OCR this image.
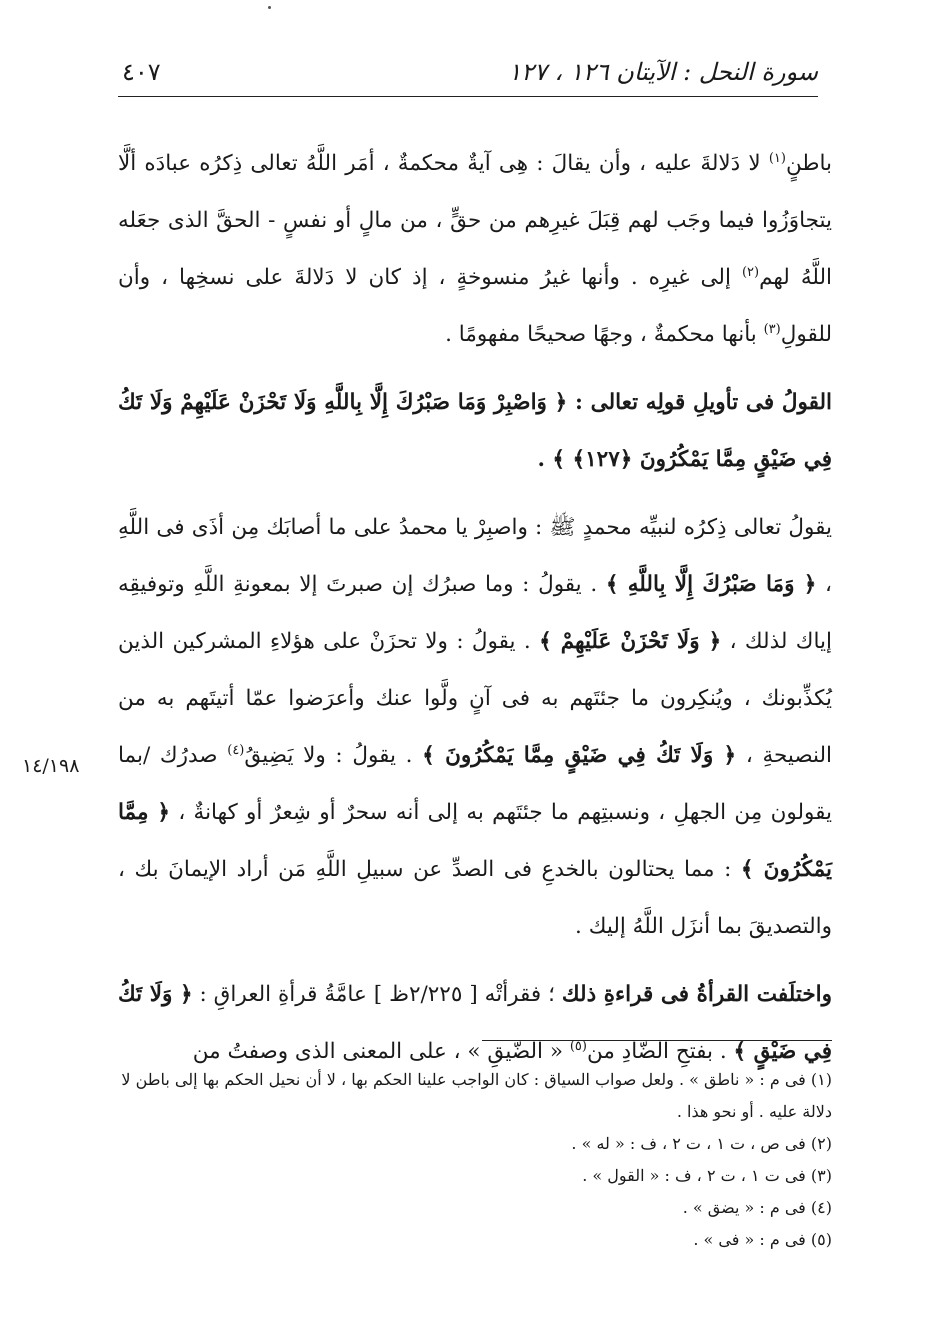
سورة النحل : الآيتان ١٢٦ ، ١٢٧
٤٠٧

باطنٍ$^{(١)}$ لا دَلالةَ عليه ، وأن يقالَ : هِى آيةٌ محكمةٌ ، أمَر اللَّهُ تعالى ذِكرُه عبادَه ألَّا يتجاوَزُوا فيما وجَب لهم قِبَلَ غيرِهم من حقٍّ ، من مالٍ أو نفسٍ - الحقَّ الذى جعَله اللَّهُ لهم$^{(٢)}$ إلى غيرِه . وأنها غيرُ منسوخةٍ ، إذ كان لا دَلالةَ على نسخِها ، وأن للقولِ$^{(٣)}$ بأنها محكمةٌ ، وجهًا صحيحًا مفهومًا .

القولُ فى تأويلِ قولِه تعالى : ﴿ وَاصْبِرْ وَمَا صَبْرُكَ إِلَّا بِاللَّهِ وَلَا تَحْزَنْ عَلَيْهِمْ وَلَا تَكُ فِي ضَيْقٍ مِمَّا يَمْكُرُونَ ﴿١٢٧﴾ ﴾ .

يقولُ تعالى ذِكرُه لنبيِّه محمدٍ ﷺ : واصبِرْ يا محمدُ على ما أصابَك مِن أذَى فى اللَّهِ ، ﴿ وَمَا صَبْرُكَ إِلَّا بِاللَّهِ ﴾ . يقولُ : وما صبرُك إن صبرتَ إلا بمعونةِ اللَّهِ وتوفيقِه إياك لذلك ، ﴿ وَلَا تَحْزَنْ عَلَيْهِمْ ﴾ . يقولُ : ولا تحزَنْ على هؤلاءِ المشركين الذين يُكذِّبونك ، ويُنكِرون ما جئتَهم به فى آنٍ ولَّوا عنك وأعرَضوا عمّا أتيتَهم به من النصيحةِ ، ﴿ وَلَا تَكُ فِي ضَيْقٍ مِمَّا يَمْكُرُونَ ﴾ . يقولُ : ولا يَضِيقُ$^{(٤)}$ صدرُك /بما يقولون مِن الجهلِ ، ونسبتِهم ما جئتَهم به إلى أنه سحرٌ أو شِعرٌ أو كهانةٌ ، ﴿ مِمَّا يَمْكُرُونَ ﴾ : مما يحتالون بالخدعِ فى الصدِّ عن سبيلِ اللَّهِ مَن أراد الإيمانَ بك ، والتصديقَ بما أنزَل اللَّهُ إليك .

واختلَفت القرأةُ فى قراءةِ ذلك ؛ فقرأتْه [ ٢/٢٢٥ظ ] عامَّةُ قرأةِ العراقِ : ﴿ وَلَا تَكُ فِي ضَيْقٍ ﴾ . بفتحِ الضّادِ من$^{(٥)}$ « الضّيقِ » ، على المعنى الذى وصفتُ من

١٤/١٩٨

(١) فى م : « ناطق » . ولعل صواب السياق : كان الواجب علينا الحكم بها ، لا أن نحيل الحكم بها إلى باطن لا دلالة عليه . أو نحو هذا .

(٢) فى ص ، ت ١ ، ت ٢ ، ف : « له » .

(٣) فى ت ١ ، ت ٢ ، ف : « القول » .

(٤) فى م : « يضق » .

(٥) فى م : « فى » .
